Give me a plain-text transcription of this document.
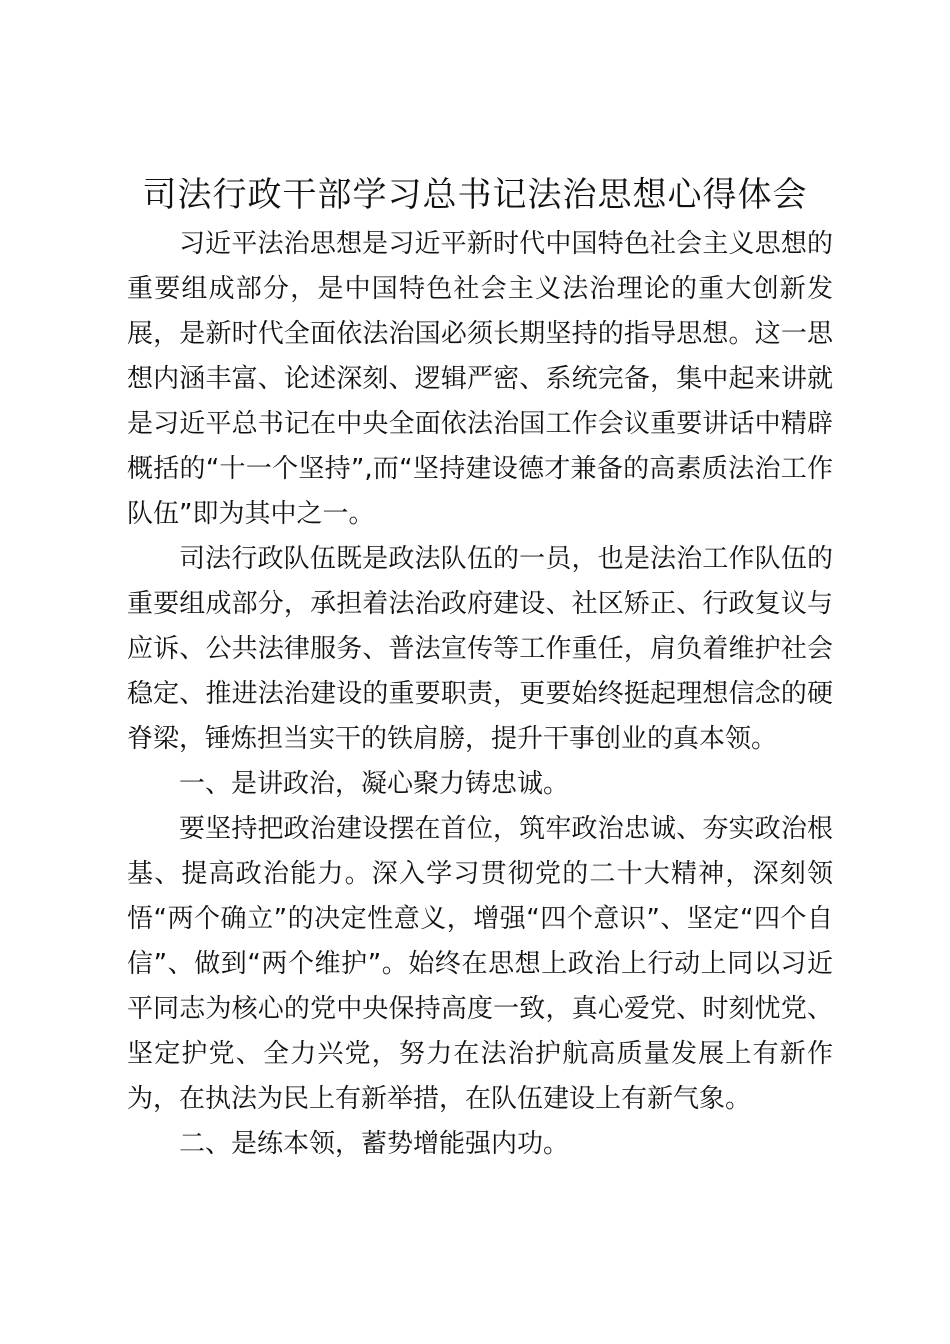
司法行政干部学习总书记法治思想心得体会

习近平法治思想是习近平新时代中国特色社会主义思想的重要组成部分，是中国特色社会主义法治理论的重大创新发展，是新时代全面依法治国必须长期坚持的指导思想。这一思想内涵丰富、论述深刻、逻辑严密、系统完备，集中起来讲就是习近平总书记在中央全面依法治国工作会议重要讲话中精辟概括的“十一个坚持”,而“坚持建设德才兼备的高素质法治工作队伍”即为其中之一。

司法行政队伍既是政法队伍的一员，也是法治工作队伍的重要组成部分，承担着法治政府建设、社区矫正、行政复议与应诉、公共法律服务、普法宣传等工作重任，肩负着维护社会稳定、推进法治建设的重要职责，更要始终挺起理想信念的硬脊梁，锤炼担当实干的铁肩膀，提升干事创业的真本领。

一、是讲政治，凝心聚力铸忠诚。

要坚持把政治建设摆在首位，筑牢政治忠诚、夯实政治根基、提高政治能力。深入学习贯彻党的二十大精神，深刻领悟“两个确立”的决定性意义，增强“四个意识”、坚定“四个自信”、做到“两个维护”。始终在思想上政治上行动上同以习近平同志为核心的党中央保持高度一致，真心爱党、时刻忧党、坚定护党、全力兴党，努力在法治护航高质量发展上有新作为，在执法为民上有新举措，在队伍建设上有新气象。

二、是练本领，蓄势增能强内功。
